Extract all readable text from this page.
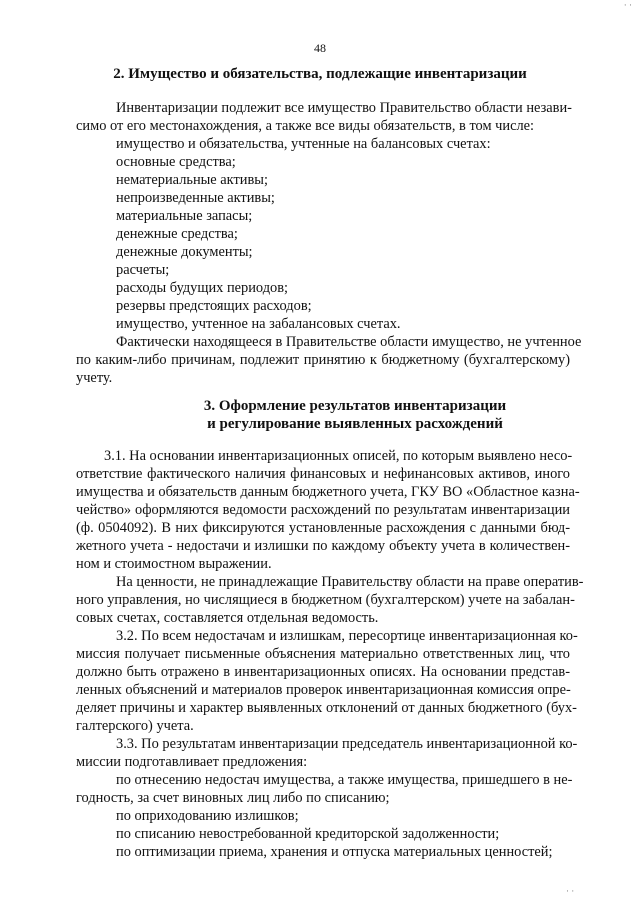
· ·
48
2. Имущество и обязательства, подлежащие инвентаризации
Инвентаризации подлежит все имущество Правительство области незави-
симо от его местонахождения, а также все виды обязательств, в том числе:
имущество и обязательства, учтенные на балансовых счетах:
основные средства;
нематериальные активы;
непроизведенные активы;
материальные запасы;
денежные средства;
денежные документы;
расчеты;
расходы будущих периодов;
резервы предстоящих расходов;
имущество, учтенное на забалансовых счетах.
Фактически находящееся в Правительстве области имущество, не учтенное
по каким-либо причинам, подлежит принятию к бюджетному (бухгалтерскому)
учету.
3. Оформление результатов инвентаризации
и регулирование выявленных расхождений
3.1. На основании инвентаризационных описей, по которым выявлено несо-
ответствие фактического наличия финансовых и нефинансовых активов, иного
имущества и обязательств данным бюджетного учета, ГКУ ВО «Областное казна-
чейство» оформляются ведомости расхождений по результатам инвентаризации
(ф. 0504092). В них фиксируются установленные расхождения с данными бюд-
жетного учета - недостачи и излишки по каждому объекту учета в количествен-
ном и стоимостном выражении.
На ценности, не принадлежащие Правительству области на праве оператив-
ного управления, но числящиеся в бюджетном (бухгалтерском) учете на забалан-
совых счетах, составляется отдельная ведомость.
3.2. По всем недостачам и излишкам, пересортице инвентаризационная ко-
миссия получает письменные объяснения материально ответственных лиц, что
должно быть отражено в инвентаризационных описях. На основании представ-
ленных объяснений и материалов проверок инвентаризационная комиссия опре-
деляет причины и характер выявленных отклонений от данных бюджетного (бух-
галтерского) учета.
3.3. По результатам инвентаризации председатель инвентаризационной ко-
миссии подготавливает предложения:
по отнесению недостач имущества, а также имущества, пришедшего в не-
годность, за счет виновных лиц либо по списанию;
по оприходованию излишков;
по списанию невостребованной кредиторской задолженности;
по оптимизации приема, хранения и отпуска материальных ценностей;
· ·
